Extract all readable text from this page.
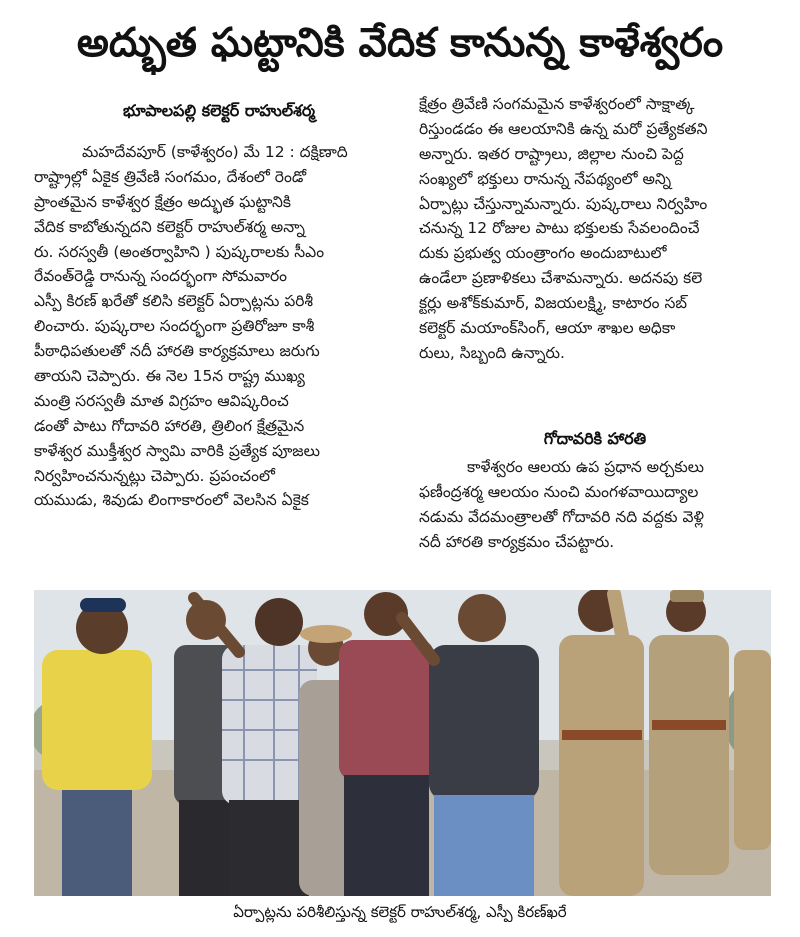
అద్భుత ఘట్టానికి వేదిక కానున్న కాళేశ్వరం
భూపాలపల్లి కలెక్టర్ రాహుల్‌శర్మ
మహదేవపూర్ (కాళేశ్వరం) మే 12 : దక్షిణాది
రాష్ట్రాల్లో ఏకైక త్రివేణి సంగమం, దేశంలో రెండో
ప్రాంతమైన కాళేశ్వర క్షేత్రం అద్భుత ఘట్టానికి
వేదిక కాబోతున్నదని కలెక్టర్ రాహుల్‌శర్మ అన్నా
రు. సరస్వతీ (అంతర్వాహిని ) పుష్కరాలకు సీఎం
రేవంత్‌రెడ్డి రానున్న సందర్భంగా సోమవారం
ఎస్పీ కిరణ్ ఖరేతో కలిసి కలెక్టర్ ఏర్పాట్లను పరిశీ
లించారు. పుష్కరాల సందర్భంగా ప్రతిరోజూ కాశీ
పీఠాధిపతులతో నదీ హారతి కార్యక్రమాలు జరుగు
తాయని చెప్పారు. ఈ నెల 15న రాష్ట్ర ముఖ్య
మంత్రి సరస్వతీ మాత విగ్రహం ఆవిష్కరించ
డంతో పాటు గోదావరి హారతి, త్రిలింగ క్షేత్రమైన
కాళేశ్వర ముక్తీశ్వర స్వామి వారికి ప్రత్యేక పూజలు
నిర్వహించనున్నట్లు చెప్పారు. ప్రపంచంలో
యముడు, శివుడు లింగాకారంలో వెలసిన ఏకైక
క్షేత్రం త్రివేణి సంగమమైన కాళేశ్వరంలో సాక్షాత్క
రిస్తుండడం ఈ ఆలయానికి ఉన్న మరో ప్రత్యేకతని
అన్నారు. ఇతర రాష్ట్రాలు, జిల్లాల నుంచి పెద్ద
సంఖ్యలో భక్తులు రానున్న నేపథ్యంలో అన్ని
ఏర్పాట్లు చేస్తున్నామన్నారు. పుష్కరాలు నిర్వహిం
చనున్న 12 రోజుల పాటు భక్తులకు సేవలందించే
దుకు ప్రభుత్వ యంత్రాంగం అందుబాటులో
ఉండేలా ప్రణాళికలు చేశామన్నారు. అదనపు కలె
క్టర్లు అశోక్‌కుమార్, విజయలక్ష్మి, కాటారం సబ్
కలెక్టర్ మయాంక్‌సింగ్, ఆయా శాఖల అధికా
రులు, సిబ్బంది ఉన్నారు.
గోదావరికి హారతి
కాళేశ్వరం ఆలయ ఉప ప్రధాన అర్చకులు
ఫణీంద్రశర్మ ఆలయం నుంచి మంగళవాయిద్యాల
నడుమ వేదమంత్రాలతో గోదావరి నది వద్దకు వెళ్లి
నదీ హారతి కార్యక్రమం చేపట్టారు.
ఏర్పాట్లను పరిశీలిస్తున్న కలెక్టర్ రాహుల్‌శర్మ, ఎస్పీ కిరణ్‌ఖరే
